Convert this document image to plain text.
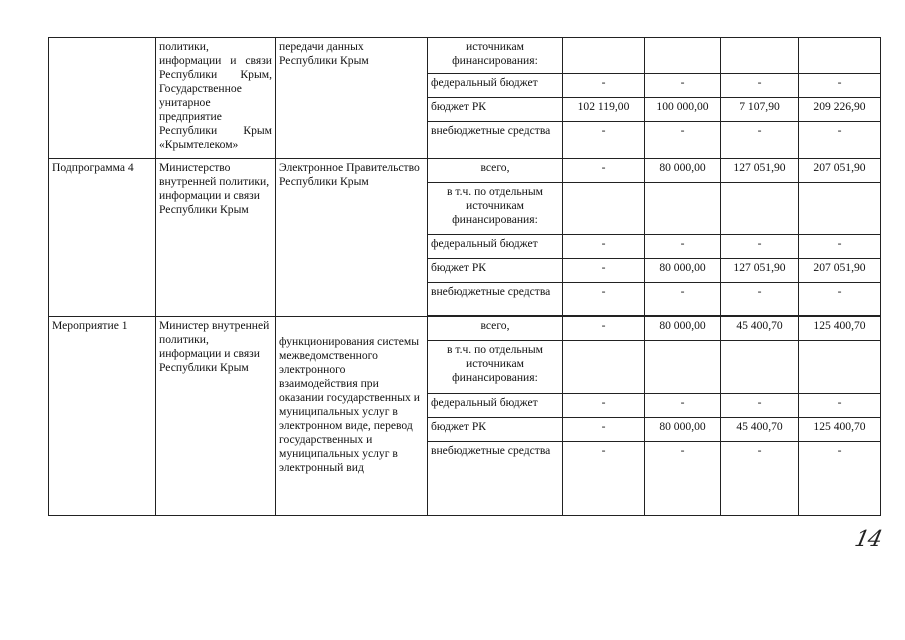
	политики, информации и связи Республики Крым, Государственное унитарное предприятие Республики Крым «Крымтелеком»	передачи данных Республики Крым	источникам финансирования:				
			федеральный бюджет	-	-	-	-
			бюджет РК	102 119,00	100 000,00	7 107,90	209 226,90
			внебюджетные средства	-	-	-	-
Подпрограмма 4	Министерство внутренней политики, информации и связи Республики Крым	Электронное Правительство Республики Крым	всего,	-	80 000,00	127 051,90	207 051,90
			в т.ч. по отдельным источникам финансирования:				
			федеральный бюджет	-	-	-	-
			бюджет РК	-	80 000,00	127 051,90	207 051,90
			внебюджетные средства	-	-	-	-

Мероприятие 1	Министер внутренней политики, информации и связи Республики Крым	функционирования системы межведомственного электронного взаимодействия при оказании государственных и муниципальных услуг в электронном виде, перевод государственных и муниципальных услуг в электронный вид	всего,	-	80 000,00	45 400,70	125 400,70
			в т.ч. по отдельным источникам финансирования:				
			федеральный бюджет	-	-	-	-
			бюджет РК	-	80 000,00	45 400,70	125 400,70
			внебюджетные средства	-	-	-	-
14
